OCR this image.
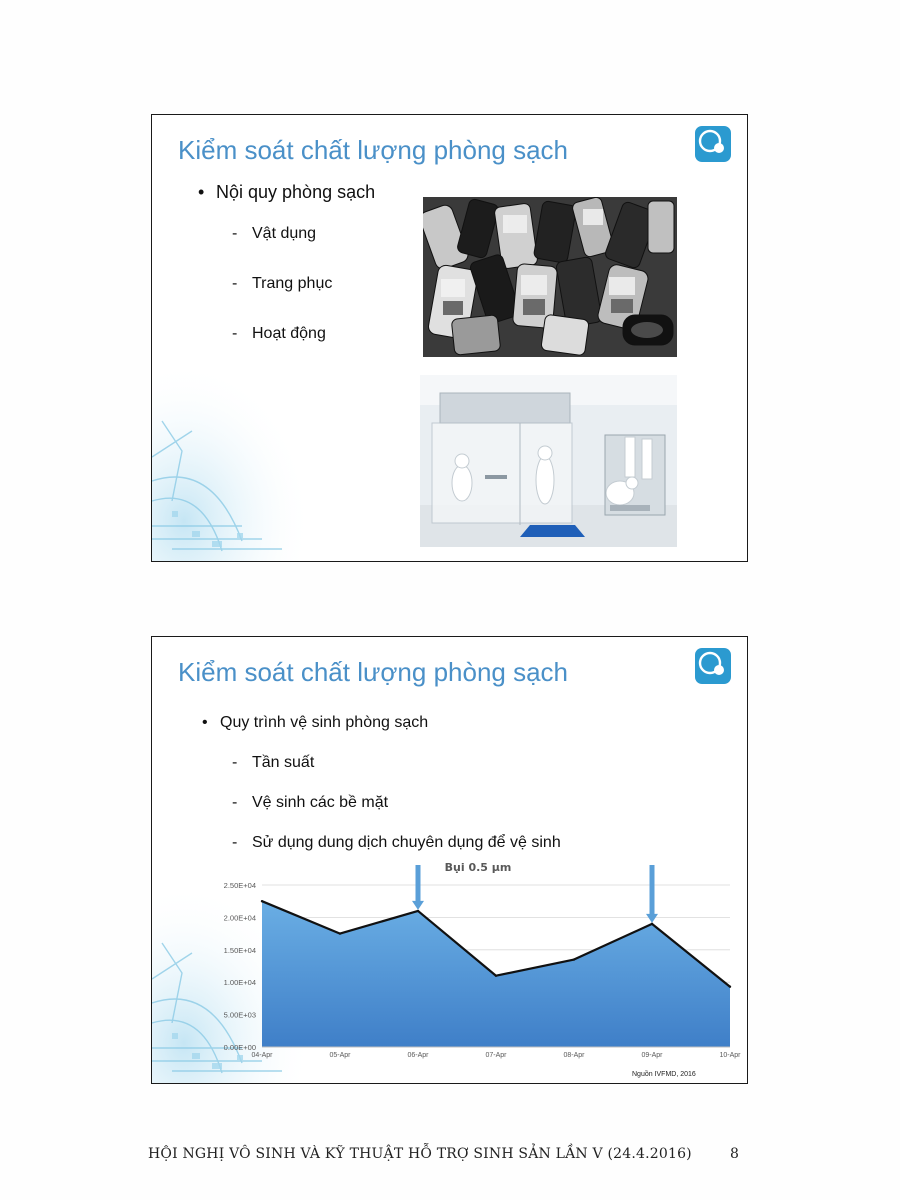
Kiểm soát chất lượng phòng sạch
• Nội quy phòng sạch
- Vật dụng
- Trang phục
- Hoạt động
Kiểm soát chất lượng phòng sạch
• Quy trình vệ sinh phòng sạch
- Tần suất
- Vệ sinh các bề mặt
- Sử dụng dung dịch chuyên dụng để vệ sinh
Bụi 0.5 µm
0.00E+00
5.00E+03
1.00E+04
1.50E+04
2.00E+04
2.50E+04
04-Apr	05-Apr	06-Apr	07-Apr	08-Apr	09-Apr	10-Apr
Nguồn IVFMD, 2016
HỘI NGHỊ VÔ SINH VÀ KỸ THUẬT HỖ TRỢ SINH SẢN LẦN V (24.4.2016)	8
